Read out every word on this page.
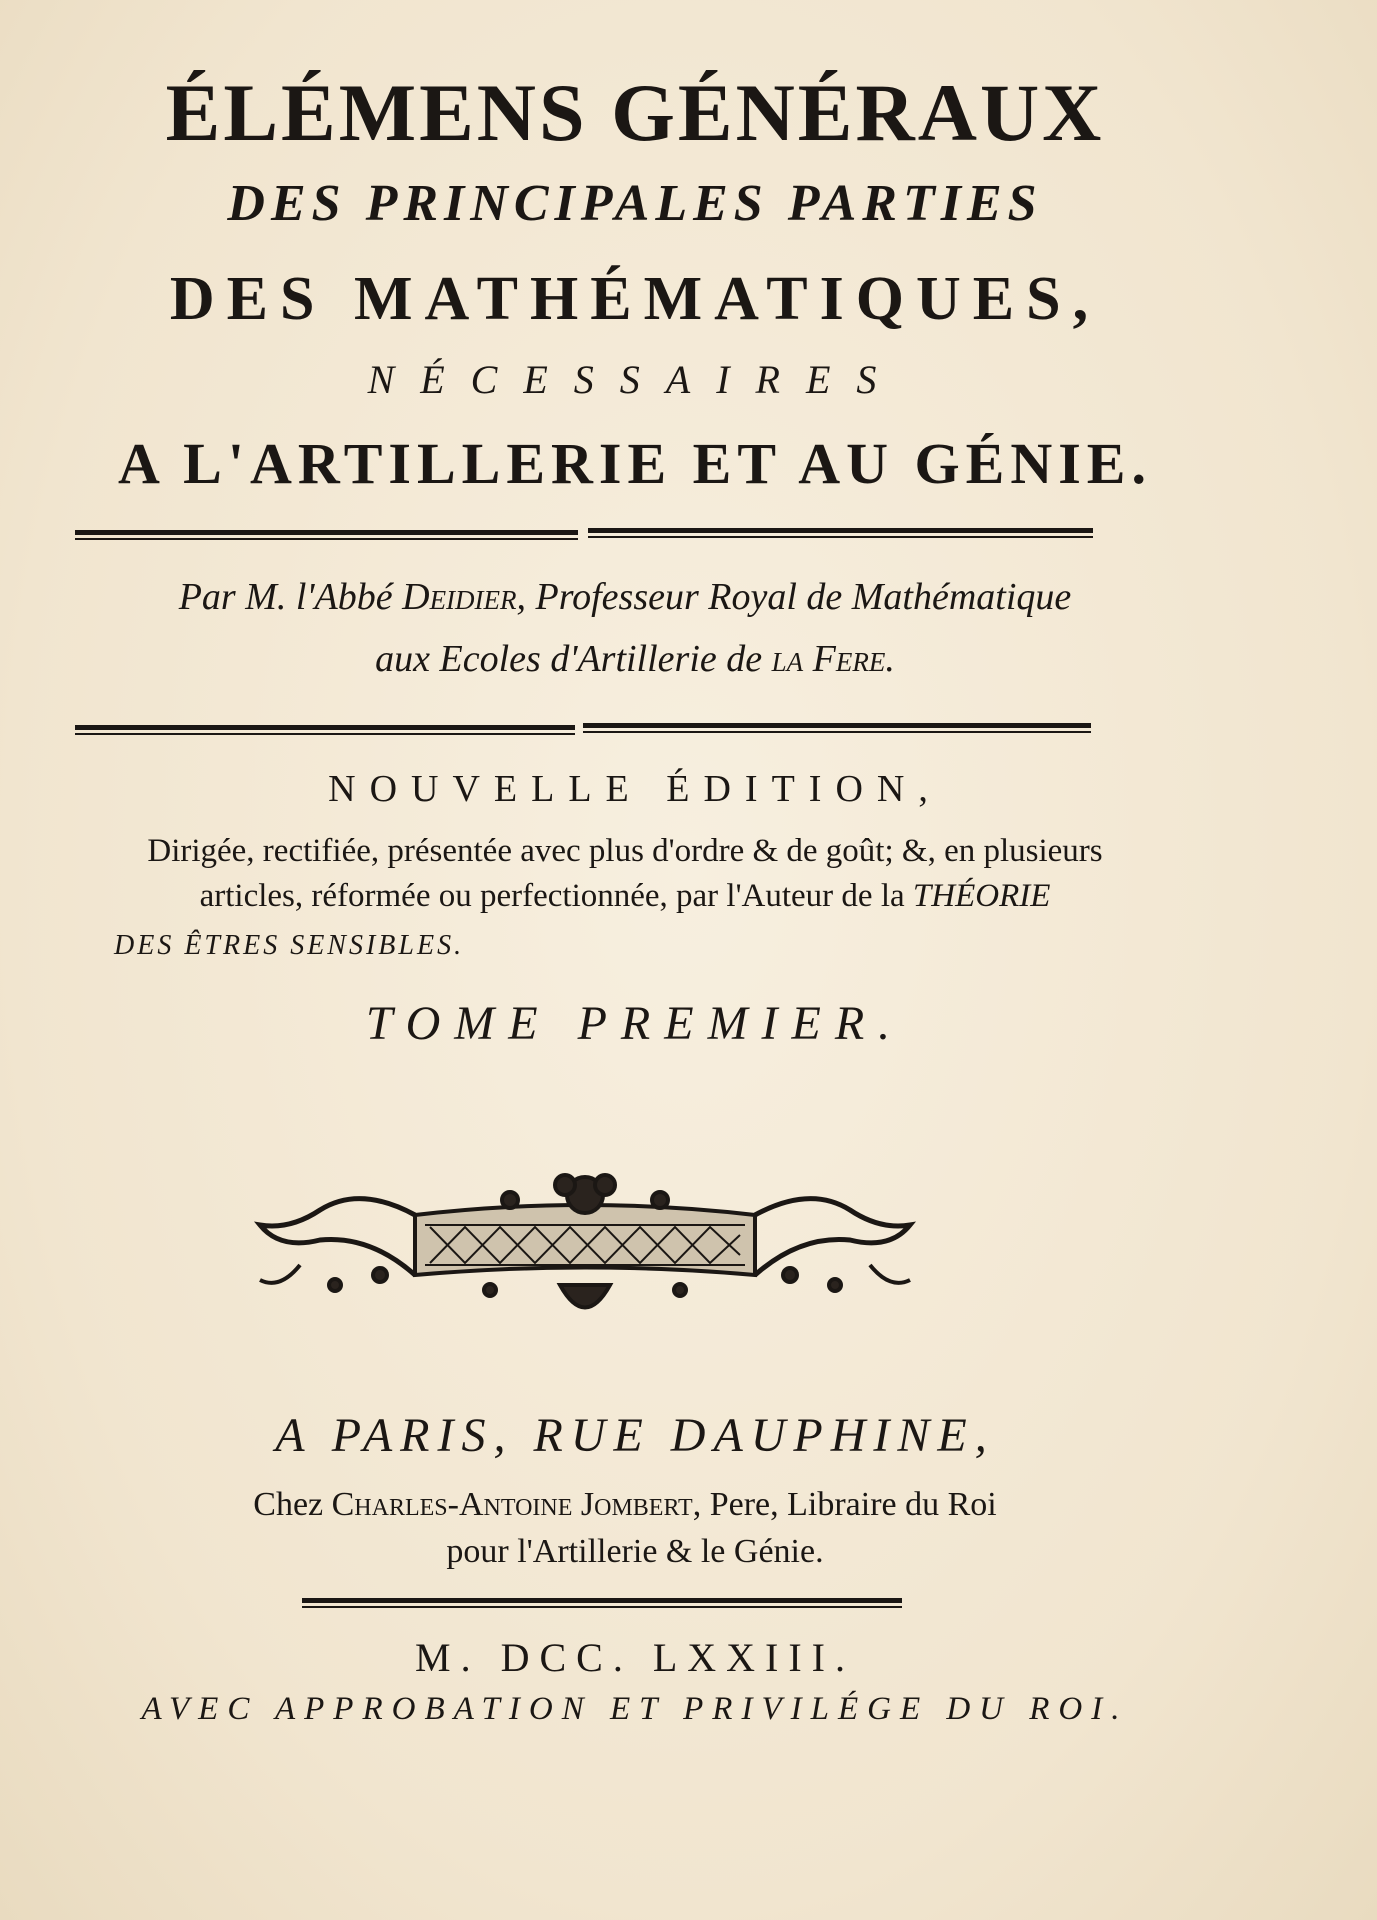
ÉLÉMENS GÉNÉRAUX
DES PRINCIPALES PARTIES
DES MATHÉMATIQUES,
NÉCESSAIRES
A L'ARTILLERIE ET AU GÉNIE.
Par M. l'Abbé Deidier, Professeur Royal de Mathématique
aux Ecoles d'Artillerie de la Fere.
NOUVELLE ÉDITION,
Dirigée, rectifiée, présentée avec plus d'ordre & de goût; &, en plusieurs
articles, réformée ou perfectionnée, par l'Auteur de la THÉORIE
DES ÊTRES SENSIBLES.
TOME PREMIER.
A PARIS, RUE DAUPHINE,
Chez Charles-Antoine Jombert, Pere, Libraire du Roi
pour l'Artillerie & le Génie.
M. DCC. LXXIII.
AVEC APPROBATION ET PRIVILÉGE DU ROI.
